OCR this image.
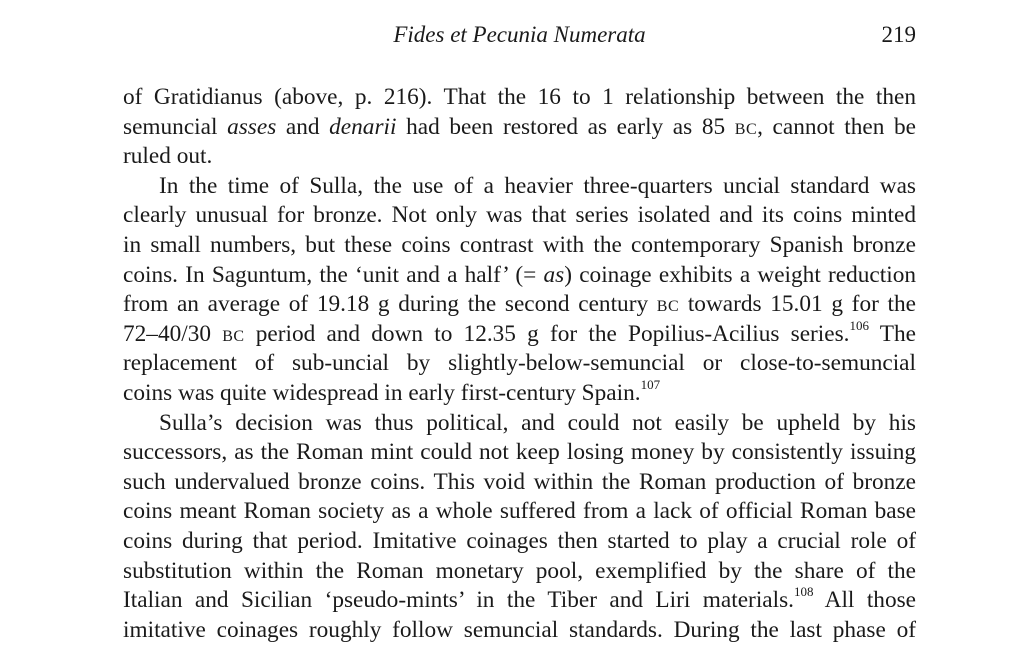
Fides et Pecunia Numerata	219
of Gratidianus (above, p. 216). That the 16 to 1 relationship between the then
semuncial asses and denarii had been restored as early as 85 bc, cannot then be
ruled out.
In the time of Sulla, the use of a heavier three-quarters uncial standard was
clearly unusual for bronze. Not only was that series isolated and its coins minted
in small numbers, but these coins contrast with the contemporary Spanish bronze
coins. In Saguntum, the ‘unit and a half’ (= as) coinage exhibits a weight reduction
from an average of 19.18 g during the second century bc towards 15.01 g for the
72–40/30 bc period and down to 12.35 g for the Popilius-Acilius series.$^{106}$ The
replacement of sub-uncial by slightly-below-semuncial or close-to-semuncial
coins was quite widespread in early first-century Spain.$^{107}$
Sulla’s decision was thus political, and could not easily be upheld by his
successors, as the Roman mint could not keep losing money by consistently issuing
such undervalued bronze coins. This void within the Roman production of bronze
coins meant Roman society as a whole suffered from a lack of official Roman base
coins during that period. Imitative coinages then started to play a crucial role of
substitution within the Roman monetary pool, exemplified by the share of the
Italian and Sicilian ‘pseudo-mints’ in the Tiber and Liri materials.$^{108}$ All those
imitative coinages roughly follow semuncial standards. During the last phase of
